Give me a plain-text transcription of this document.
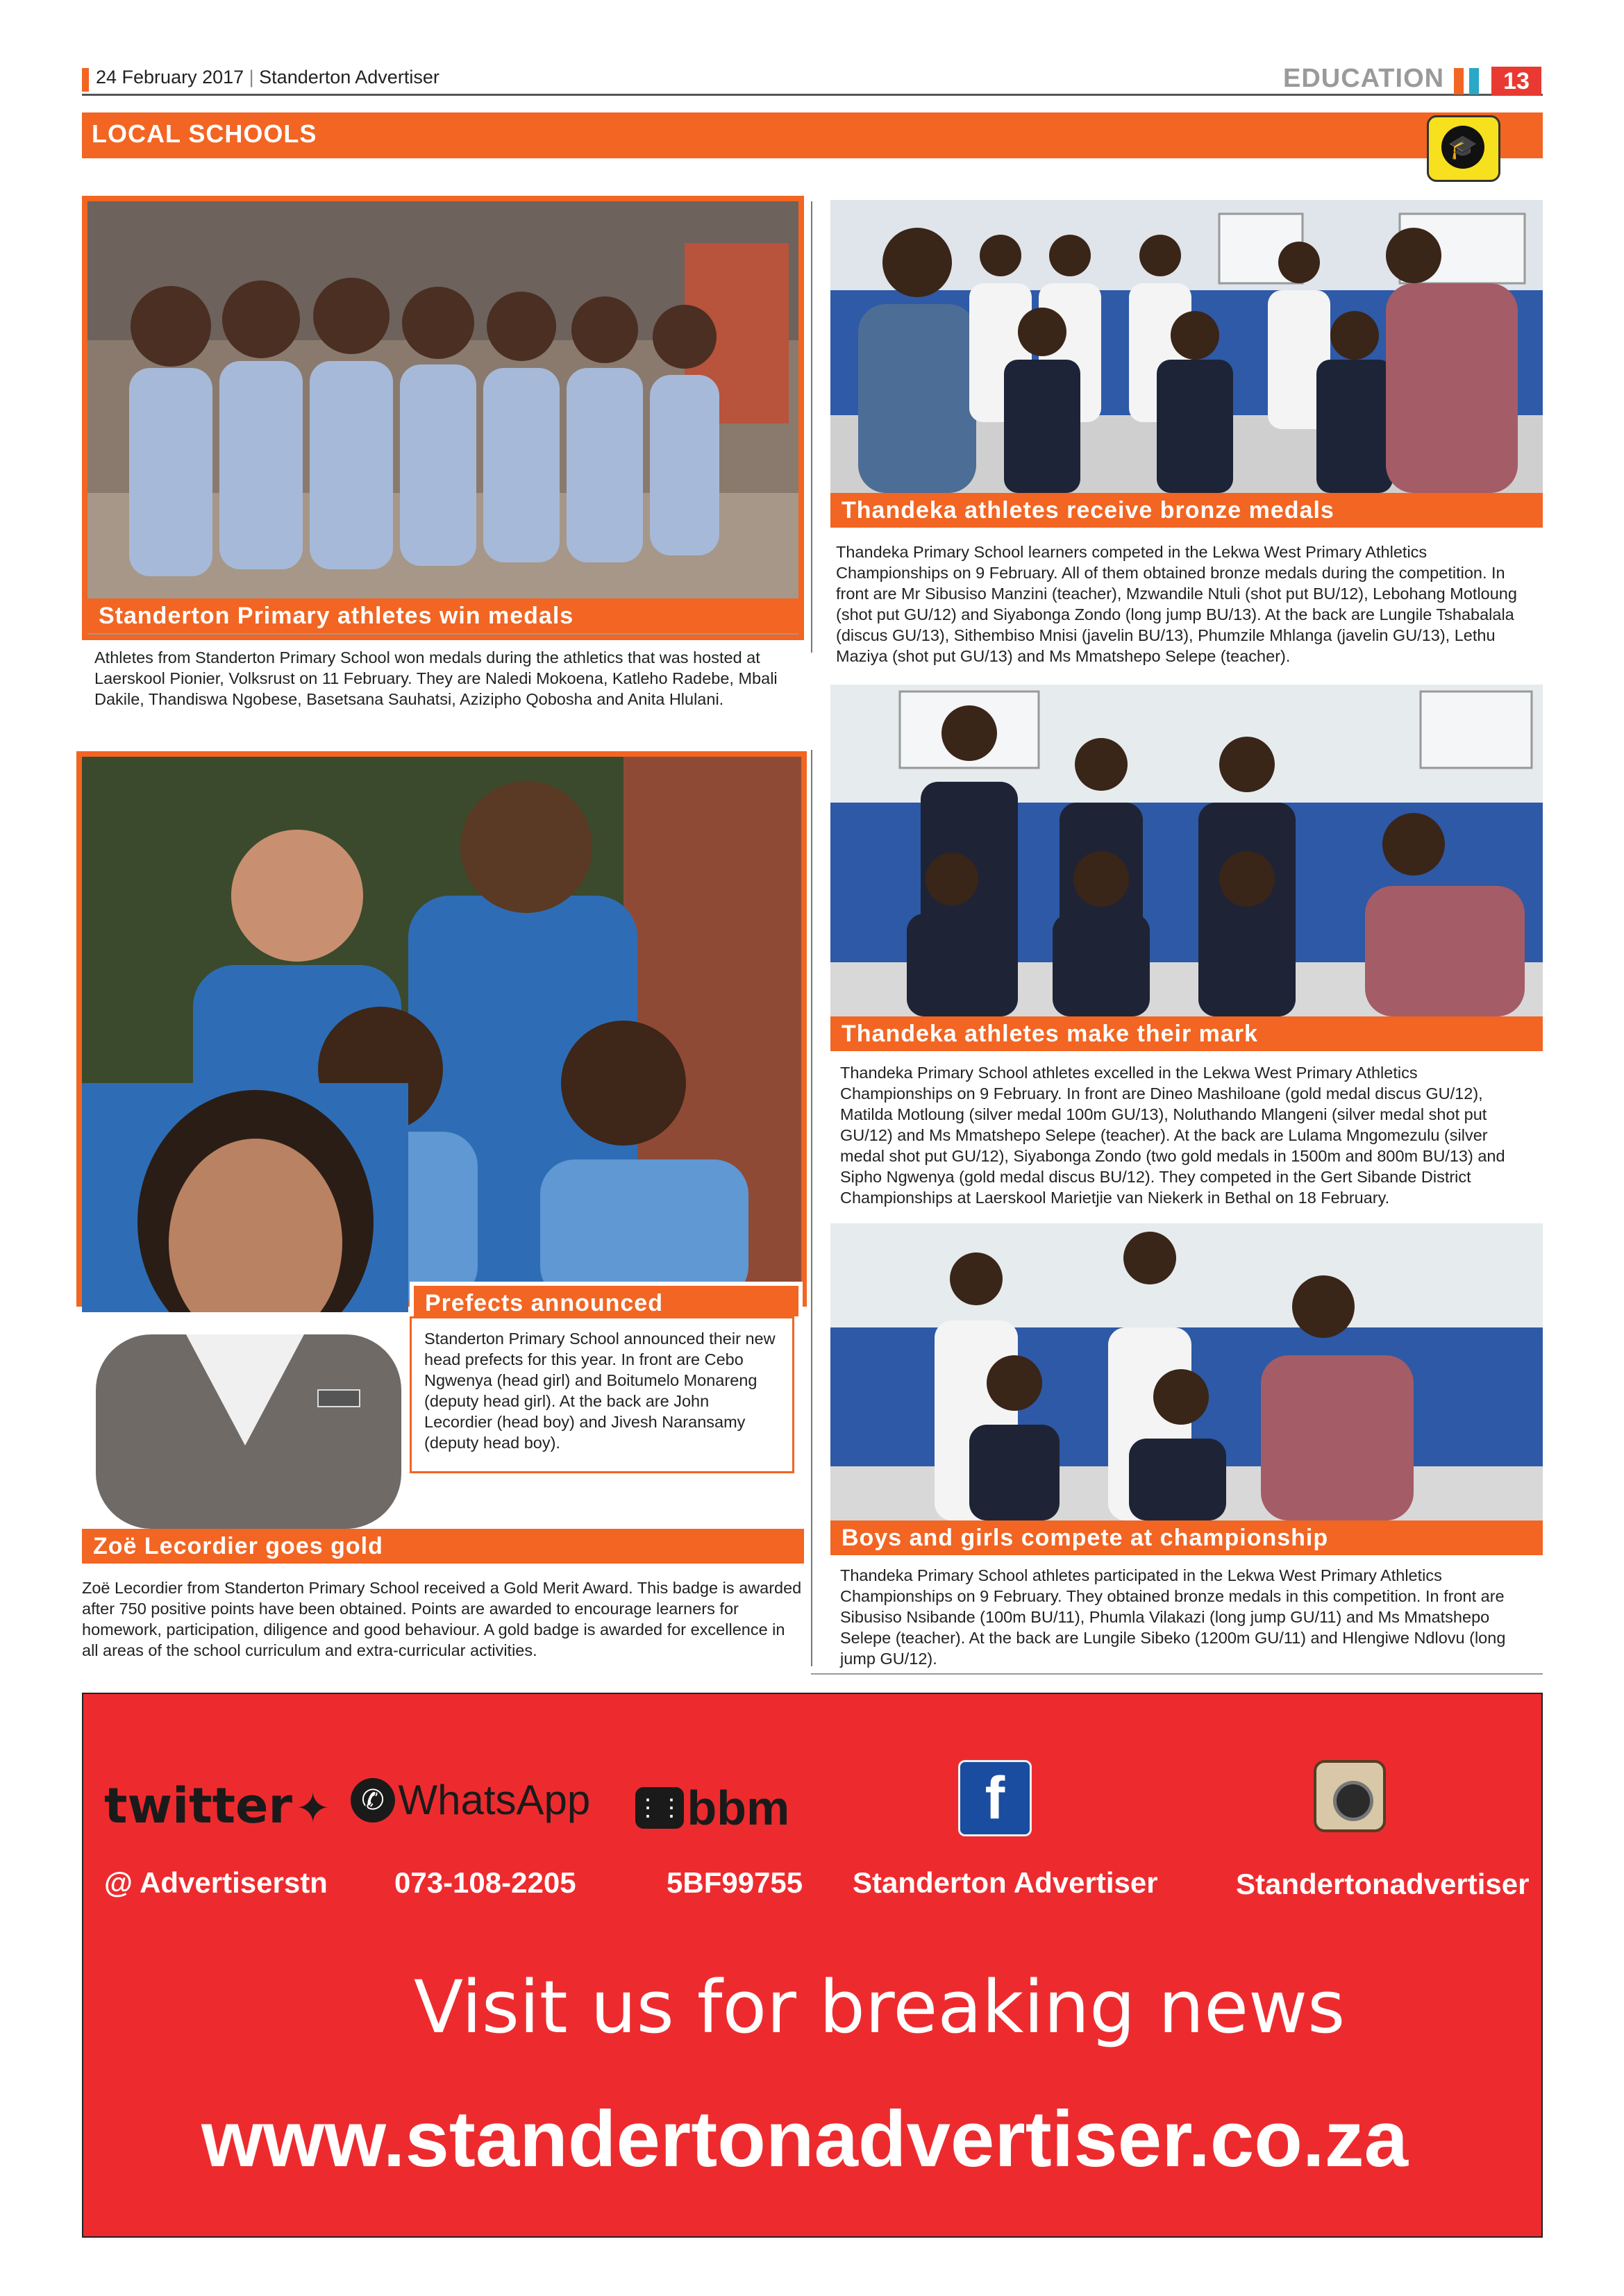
24 February 2017 | Standerton Advertiser	EDUCATION	13
LOCAL SCHOOLS	🎓
Standerton Primary athletes win medals
Athletes from Standerton Primary School won medals during the athletics that was hosted at Laerskool Pionier, Volksrust on 11 February. They are Naledi Mokoena, Katleho Radebe, Mbali Dakile, Thandiswa Ngobese, Basetsana Sauhatsi, Azizipho Qobosha and Anita Hlulani.
Thandeka athletes receive bronze medals
Thandeka Primary School learners competed in the Lekwa West Primary Athletics Championships on 9 February. All of them obtained bronze medals during the competition. In front are Mr Sibusiso Manzini (teacher), Mzwandile Ntuli (shot put BU/12), Lebohang Motloung (shot put GU/12) and Siyabonga Zondo (long jump BU/13). At the back are Lungile Tshabalala (discus GU/13), Sithembiso Mnisi (javelin BU/13), Phumzile Mhlanga (javelin GU/13), Lethu Maziya (shot put GU/13) and Ms Mmatshepo Selepe (teacher).
Prefects announced
Standerton Primary School announced their new head prefects for this year. In front are Cebo Ngwenya (head girl) and Boitumelo Monareng (deputy head girl). At the back are John Lecordier (head boy) and Jivesh Naransamy (deputy head boy).
Thandeka athletes make their mark
Thandeka Primary School athletes excelled in the Lekwa West Primary Athletics Championships on 9 February. In front are Dineo Mashiloane (gold medal discus GU/12), Matilda Motloung (silver medal 100m GU/13), Noluthando Mlangeni (silver medal shot put GU/12) and Ms Mmatshepo Selepe (teacher). At the back are Lulama Mngomezulu (silver medal shot put GU/12), Siyabonga Zondo (two gold medals in 1500m and 800m BU/13) and Sipho Ngwenya (gold medal discus BU/12). They competed in the Gert Sibande District Championships at Laerskool Marietjie van Niekerk in Bethal on 18 February.
Zoë Lecordier goes gold
Zoë Lecordier from Standerton Primary School received a Gold Merit Award. This badge is awarded after 750 positive points have been obtained. Points are awarded to encourage learners for homework, participation, diligence and good behaviour. A gold badge is awarded for excellence in all areas of the school curriculum and extra-curricular activities.
Boys and girls compete at championship
Thandeka Primary School athletes participated in the Lekwa West Primary Athletics Championships on 9 February. They obtained bronze medals in this competition. In front are Sibusiso Nsibande (100m BU/11), Phumla Vilakazi (long jump GU/11) and Ms Mmatshepo Selepe (teacher). At the back are Lungile Sibeko (1200m GU/11) and Hlengiwe Ndlovu (long jump GU/12).
twitter ✦
@ Advertiserstn
✆ WhatsApp
073-108-2205
⋮⋮ bbm
5BF99755
f
Standerton Advertiser	Standertonadvertiser
Visit us for breaking news
www.standertonadvertiser.co.za
